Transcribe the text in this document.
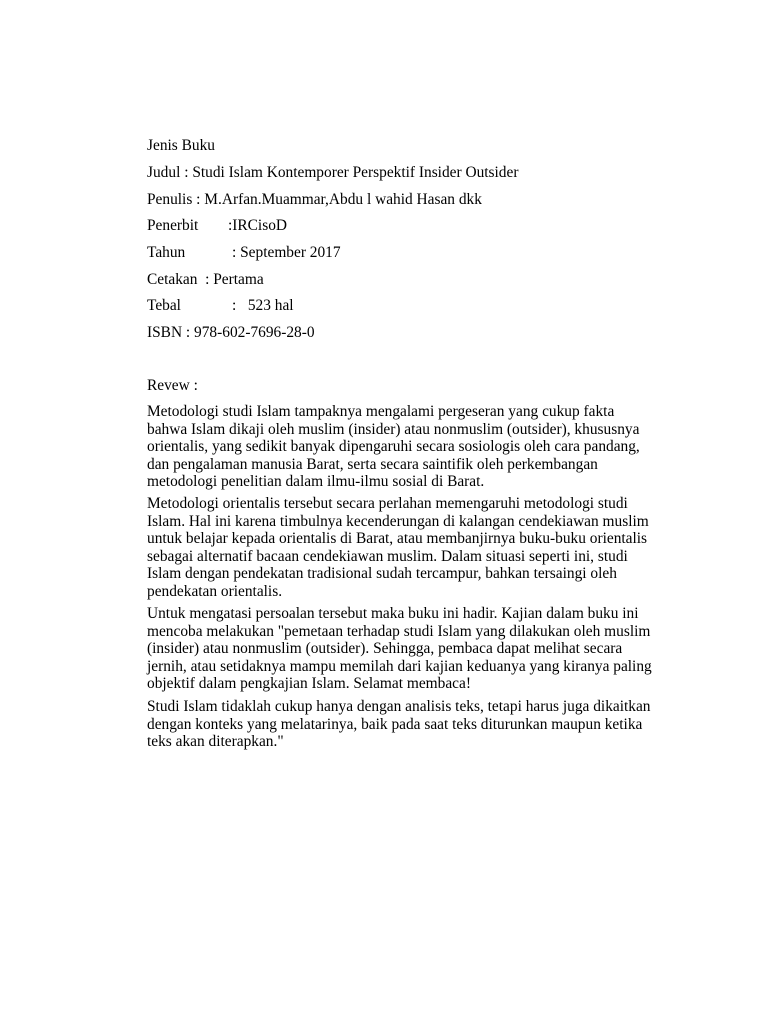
Jenis Buku
Judul : Studi Islam Kontemporer Perspektif Insider Outsider
Penulis : M.Arfan.Muammar,Abdu l wahid Hasan dkk
Penerbit :IRCisoD
Tahun	: September 2017
Cetakan  : Pertama
Tebal	:   523 hal
ISBN : 978-602-7696-28-0
Revew :
Metodologi studi Islam tampaknya mengalami pergeseran yang cukup fakta
bahwa Islam dikaji oleh muslim (insider) atau nonmuslim (outsider), khususnya
orientalis, yang sedikit banyak dipengaruhi secara sosiologis oleh cara pandang,
dan pengalaman manusia Barat, serta secara saintifik oleh perkembangan
metodologi penelitian dalam ilmu-ilmu sosial di Barat.
Metodologi orientalis tersebut secara perlahan memengaruhi metodologi studi
Islam. Hal ini karena timbulnya kecenderungan di kalangan cendekiawan muslim
untuk belajar kepada orientalis di Barat, atau membanjirnya buku-buku orientalis
sebagai alternatif bacaan cendekiawan muslim. Dalam situasi seperti ini, studi
Islam dengan pendekatan tradisional sudah tercampur, bahkan tersaingi oleh
pendekatan orientalis.
Untuk mengatasi persoalan tersebut maka buku ini hadir. Kajian dalam buku ini
mencoba melakukan "pemetaan terhadap studi Islam yang dilakukan oleh muslim
(insider) atau nonmuslim (outsider). Sehingga, pembaca dapat melihat secara
jernih, atau setidaknya mampu memilah dari kajian keduanya yang kiranya paling
objektif dalam pengkajian Islam. Selamat membaca!
Studi Islam tidaklah cukup hanya dengan analisis teks, tetapi harus juga dikaitkan
dengan konteks yang melatarinya, baik pada saat teks diturunkan maupun ketika
teks akan diterapkan."
